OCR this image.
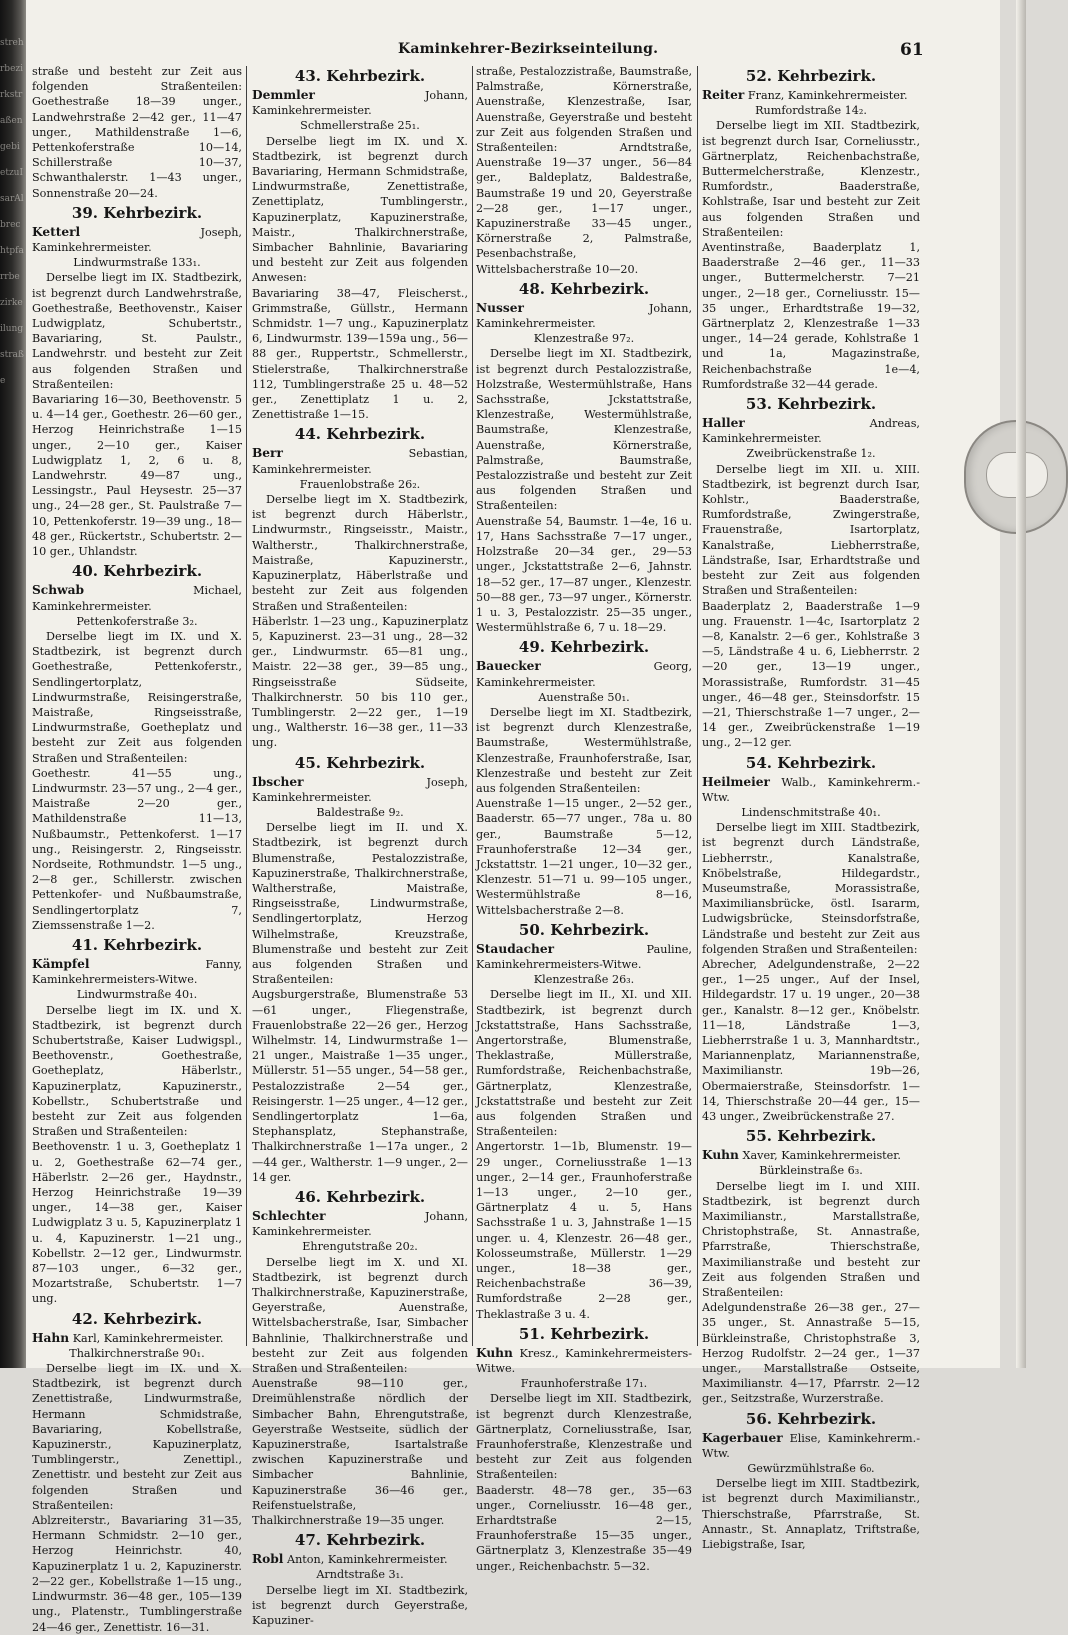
strehrbezirkstraßengebietzuIsarAlbrechtpfarrbezirkeilungstraße
Kaminkehrer-Bezirkseinteilung.	61

straße und besteht zur Zeit aus folgenden Straßenteilen: Goethestraße 18—39 unger., Landwehrstraße 2—42 ger., 11—47 unger., Mathildenstraße 1—6, Pettenkoferstraße 10—14, Schillerstraße 10—37, Schwanthalerstr. 1—43 unger., Sonnenstraße 20—24.

39. Kehrbezirk.

Ketterl	Joseph, Kaminkehrermeister.

Lindwurmstraße 133₁.

Derselbe liegt im IX. Stadtbezirk, ist begrenzt durch Landwehrstraße, Goethestraße, Beethovenstr., Kaiser Ludwigplatz, Schubertstr., Bavariaring, St. Paulstr., Landwehrstr. und besteht zur Zeit aus folgenden Straßen und Straßenteilen:

Bavariaring 16—30, Beethovenstr. 5 u. 4—14 ger., Goethestr. 26—60 ger., Herzog Heinrichstraße 1—15 unger., 2—10 ger., Kaiser Ludwigplatz 1, 2, 6 u. 8, Landwehrstr. 49—87 ung., Lessingstr., Paul Heysestr. 25—37 ung., 24—28 ger., St. Paulstraße 7—10, Pettenkoferstr. 19—39 ung., 18—48 ger., Rückertstr., Schubertstr. 2—10 ger., Uhlandstr.

40. Kehrbezirk.

Schwab	Michael, Kaminkehrermeister.

Pettenkoferstraße 3₂.

Derselbe liegt im IX. und X. Stadtbezirk, ist begrenzt durch Goethestraße, Pettenkoferstr., Sendlingertorplatz, Lindwurmstraße, Reisingerstraße, Maistraße, Ringseisstraße, Lindwurmstraße, Goetheplatz und besteht zur Zeit aus folgenden Straßen und Straßenteilen:

Goethestr. 41—55 ung., Lindwurmstr. 23—57 ung., 2—4 ger., Maistraße 2—20 ger., Mathildenstraße 11—13, Nußbaumstr., Pettenkoferst. 1—17 ung., Reisingerstr. 2, Ringseisstr. Nordseite, Rothmundstr. 1—5 ung., 2—8 ger., Schillerstr. zwischen Pettenkofer- und Nußbaumstraße, Sendlingertorplatz 7, Ziemssenstraße 1—2.

41. Kehrbezirk.

Kämpfel	Fanny, Kaminkehrermeisters-Witwe.

Lindwurmstraße 40₁.

Derselbe liegt im IX. und X. Stadtbezirk, ist begrenzt durch Schubertstraße, Kaiser Ludwigspl., Beethovenstr., Goethestraße, Goetheplatz, Häberlstr., Kapuzinerplatz, Kapuzinerstr., Kobellstr., Schubertstraße und besteht zur Zeit aus folgenden Straßen und Straßenteilen:

Beethovenstr. 1 u. 3, Goetheplatz 1 u. 2, Goethestraße 62—74 ger., Häberlstr. 2—26 ger., Haydnstr., Herzog Heinrichstraße 19—39 unger., 14—38 ger., Kaiser Ludwigplatz 3 u. 5, Kapuzinerplatz 1 u. 4, Kapuzinerstr. 1—21 ung., Kobellstr. 2—12 ger., Lindwurmstr. 87—103 unger., 6—32 ger., Mozartstraße, Schubertstr. 1—7 ung.

42. Kehrbezirk.

Hahn Karl, Kaminkehrermeister.

Thalkirchnerstraße 90₁.

Derselbe liegt im IX. und X. Stadtbezirk, ist begrenzt durch Zenettistraße, Lindwurmstraße, Hermann Schmidstraße, Bavariaring, Kobellstraße, Kapuzinerstr., Kapuzinerplatz, Tumblingerstr., Zenettipl., Zenettistr. und besteht zur Zeit aus folgenden Straßen und Straßenteilen:

Ablzreiterstr., Bavariaring 31—35, Hermann Schmidstr. 2—10 ger., Herzog Heinrichstr. 40, Kapuzinerplatz 1 u. 2, Kapuzinerstr. 2—22 ger., Kobellstraße 1—15 ung., Lindwurmstr. 36—48 ger., 105—139 ung., Platenstr., Tumblingerstraße 24—46 ger., Zenettistr. 16—31.

43. Kehrbezirk.

Demmler	Johann, Kaminkehrermeister.

Schmellerstraße 25₁.

Derselbe liegt im IX. und X. Stadtbezirk, ist begrenzt durch Bavariaring, Hermann Schmidstraße, Lindwurmstraße, Zenettistraße, Zenettiplatz, Tumblingerstr., Kapuzinerplatz, Kapuzinerstraße, Maistr., Thalkirchnerstraße, Simbacher Bahnlinie, Bavariaring und besteht zur Zeit aus folgenden Anwesen:

Bavariaring 38—47, Fleischerst., Grimmstraße, Güllstr., Hermann Schmidstr. 1—7 ung., Kapuzinerplatz 6, Lindwurmstr. 139—159a ung., 56—88 ger., Ruppertstr., Schmellerstr., Stielerstraße, Thalkirchnerstraße 112, Tumblingerstraße 25 u. 48—52 ger., Zenettiplatz 1 u. 2, Zenettistraße 1—15.

44. Kehrbezirk.

Berr	Sebastian, Kaminkehrermeister.

Frauenlobstraße 26₂.

Derselbe liegt im X. Stadtbezirk, ist begrenzt durch Häberlstr., Lindwurmstr., Ringseisstr., Maistr., Waltherstr., Thalkirchnerstraße, Maistraße, Kapuzinerstr., Kapuzinerplatz, Häberlstraße und besteht zur Zeit aus folgenden Straßen und Straßenteilen:

Häberlstr. 1—23 ung., Kapuzinerplatz 5, Kapuzinerst. 23—31 ung., 28—32 ger., Lindwurmstr. 65—81 ung., Maistr. 22—38 ger., 39—85 ung., Ringseisstraße Südseite, Thalkirchnerstr. 50 bis 110 ger., Tumblingerstr. 2—22 ger., 1—19 ung., Waltherstr. 16—38 ger., 11—33 ung.

45. Kehrbezirk.

Ibscher	Joseph, Kaminkehrermeister.

Baldestraße 9₂.

Derselbe liegt im II. und X. Stadtbezirk, ist begrenzt durch Blumenstraße, Pestalozzistraße, Kapuzinerstraße, Thalkirchnerstraße, Waltherstraße, Maistraße, Ringseisstraße, Lindwurmstraße, Sendlingertorplatz, Herzog Wilhelmstraße, Kreuzstraße, Blumenstraße und besteht zur Zeit aus folgenden Straßen und Straßenteilen:

Augsburgerstraße, Blumenstraße 53—61 unger., Fliegenstraße, Frauenlobstraße 22—26 ger., Herzog Wilhelmstr. 14, Lindwurmstraße 1—21 unger., Maistraße 1—35 unger., Müllerstr. 51—55 unger., 54—58 ger., Pestalozzistraße 2—54 ger., Reisingerstr. 1—25 unger., 4—12 ger., Sendlingertorplatz 1—6a, Stephansplatz, Stephanstraße, Thalkirchnerstraße 1—17a unger., 2—44 ger., Waltherstr. 1—9 unger., 2—14 ger.

46. Kehrbezirk.

Schlechter	Johann, Kaminkehrermeister.

Ehrengutstraße 20₂.

Derselbe liegt im X. und XI. Stadtbezirk, ist begrenzt durch Thalkirchnerstraße, Kapuzinerstraße, Geyerstraße, Auenstraße, Wittelsbacherstraße, Isar, Simbacher Bahnlinie, Thalkirchnerstraße und besteht zur Zeit aus folgenden Straßen und Straßenteilen:

Auenstraße 98—110 ger., Dreimühlenstraße nördlich der Simbacher Bahn, Ehrengutstraße, Geyerstraße Westseite, südlich der Kapuzinerstraße, Isartalstraße zwischen Kapuzinerstraße und Simbacher Bahnlinie, Kapuzinerstraße 36—46 ger., Reifenstuelstraße, Thalkirchnerstraße 19—35 unger.

47. Kehrbezirk.

Robl Anton, Kaminkehrermeister.

Arndtstraße 3₁.

Derselbe liegt im XI. Stadtbezirk, ist begrenzt durch Geyerstraße, Kapuziner-

straße, Pestalozzistraße, Baumstraße, Palmstraße, Körnerstraße, Auenstraße, Klenzestraße, Isar, Auenstraße, Geyerstraße und besteht zur Zeit aus folgenden Straßen und Straßenteilen: Arndtstraße, Auenstraße 19—37 unger., 56—84 ger., Baldeplatz, Baldestraße, Baumstraße 19 und 20, Geyerstraße 2—28 ger., 1—17 unger., Kapuzinerstraße 33—45 unger., Körnerstraße 2, Palmstraße, Pesenbachstraße, Wittelsbacherstraße 10—20.

48. Kehrbezirk.

Nusser	Johann, Kaminkehrermeister.

Klenzestraße 97₂.

Derselbe liegt im XI. Stadtbezirk, ist begrenzt durch Pestalozzistraße, Holzstraße, Westermühlstraße, Hans Sachsstraße, Jckstattstraße, Klenzestraße, Westermühlstraße, Baumstraße, Klenzestraße, Auenstraße, Körnerstraße, Palmstraße, Baumstraße, Pestalozzistraße und besteht zur Zeit aus folgenden Straßen und Straßenteilen:

Auenstraße 54, Baumstr. 1—4e, 16 u. 17, Hans Sachsstraße 7—17 unger., Holzstraße 20—34 ger., 29—53 unger., Jckstattstraße 2—6, Jahnstr. 18—52 ger., 17—87 unger., Klenzestr. 50—88 ger., 73—97 unger., Körnerstr. 1 u. 3, Pestalozzistr. 25—35 unger., Westermühlstraße 6, 7 u. 18—29.

49. Kehrbezirk.

Bauecker	Georg, Kaminkehrermeister.

Auenstraße 50₁.

Derselbe liegt im XI. Stadtbezirk, ist begrenzt durch Klenzestraße, Baumstraße, Westermühlstraße, Klenzestraße, Fraunhoferstraße, Isar, Klenzestraße und besteht zur Zeit aus folgenden Straßenteilen:

Auenstraße 1—15 unger., 2—52 ger., Baaderstr. 65—77 unger., 78a u. 80 ger., Baumstraße 5—12, Fraunhoferstraße 12—34 ger., Jckstattstr. 1—21 unger., 10—32 ger., Klenzestr. 51—71 u. 99—105 unger., Westermühlstraße 8—16, Wittelsbacherstraße 2—8.

50. Kehrbezirk.

Staudacher	Pauline, Kaminkehrermeisters-Witwe.

Klenzestraße 26₃.

Derselbe liegt im II., XI. und XII. Stadtbezirk, ist begrenzt durch Jckstattstraße, Hans Sachsstraße, Angertorstraße, Blumenstraße, Theklastraße, Müllerstraße, Rumfordstraße, Reichenbachstraße, Gärtnerplatz, Klenzestraße, Jckstattstraße und besteht zur Zeit aus folgenden Straßen und Straßenteilen:

Angertorstr. 1—1b, Blumenstr. 19—29 unger., Corneliusstraße 1—13 unger., 2—14 ger., Fraunhoferstraße 1—13 unger., 2—10 ger., Gärtnerplatz 4 u. 5, Hans Sachsstraße 1 u. 3, Jahnstraße 1—15 unger. u. 4, Klenzestr. 26—48 ger., Kolosseumstraße, Müllerstr. 1—29 unger., 18—38 ger., Reichenbachstraße 36—39, Rumfordstraße 2—28 ger., Theklastraße 3 u. 4.

51. Kehrbezirk.

Kuhn Kresz., Kaminkehrermeisters-Witwe.

Fraunhoferstraße 17₁.

Derselbe liegt im XII. Stadtbezirk, ist begrenzt durch Klenzestraße, Gärtnerplatz, Corneliusstraße, Isar, Fraunhoferstraße, Klenzestraße und besteht zur Zeit aus folgenden Straßenteilen:

Baaderstr. 48—78 ger., 35—63 unger., Corneliusstr. 16—48 ger., Erhardtstraße 2—15, Fraunhoferstraße 15—35 unger., Gärtnerplatz 3, Klenzestraße 35—49 unger., Reichenbachstr. 5—32.

52. Kehrbezirk.

Reiter Franz, Kaminkehrermeister.

Rumfordstraße 14₂.

Derselbe liegt im XII. Stadtbezirk, ist begrenzt durch Isar, Corneliusstr., Gärtnerplatz, Reichenbachstraße, Buttermelcherstraße, Klenzestr., Rumfordstr., Baaderstraße, Kohlstraße, Isar und besteht zur Zeit aus folgenden Straßen und Straßenteilen:

Aventinstraße, Baaderplatz 1, Baaderstraße 2—46 ger., 11—33 unger., Buttermelcherstr. 7—21 unger., 2—18 ger., Corneliusstr. 15—35 unger., Erhardtstraße 19—32, Gärtnerplatz 2, Klenzestraße 1—33 unger., 14—24 gerade, Kohlstraße 1 und 1a, Magazinstraße, Reichenbachstraße 1e—4, Rumfordstraße 32—44 gerade.

53. Kehrbezirk.

Haller	Andreas, Kaminkehrermeister.

Zweibrückenstraße 1₂.

Derselbe liegt im XII. u. XIII. Stadtbezirk, ist begrenzt durch Isar, Kohlstr., Baaderstraße, Rumfordstraße, Zwingerstraße, Frauenstraße, Isartorplatz, Kanalstraße, Liebherrstraße, Ländstraße, Isar, Erhardtstraße und besteht zur Zeit aus folgenden Straßen und Straßenteilen:

Baaderplatz 2, Baaderstraße 1—9 ung. Frauenstr. 1—4c, Isartorplatz 2—8, Kanalstr. 2—6 ger., Kohlstraße 3—5, Ländstraße 4 u. 6, Liebherrstr. 2—20 ger., 13—19 unger., Morassistraße, Rumfordstr. 31—45 unger., 46—48 ger., Steinsdorfstr. 15—21, Thierschstraße 1—7 unger., 2—14 ger., Zweibrückenstraße 1—19 ung., 2—12 ger.

54. Kehrbezirk.

Heilmeier Walb., Kaminkehrerm.-Wtw.

Lindenschmitstraße 40₁.

Derselbe liegt im XIII. Stadtbezirk, ist begrenzt durch Ländstraße, Liebherrstr., Kanalstraße, Knöbelstraße, Hildegardstr., Museumstraße, Morassistraße, Maximiliansbrücke, östl. Isararm, Ludwigsbrücke, Steinsdorfstraße, Ländstraße und besteht zur Zeit aus folgenden Straßen und Straßenteilen:

Abrecher, Adelgundenstraße, 2—22 ger., 1—25 unger., Auf der Insel, Hildegardstr. 17 u. 19 unger., 20—38 ger., Kanalstr. 8—12 ger., Knöbelstr. 11—18, Ländstraße 1—3, Liebherrstraße 1 u. 3, Mannhardtstr., Mariannenplatz, Mariannenstraße, Maximilianstr. 19b—26, Obermaierstraße, Steinsdorfstr. 1—14, Thierschstraße 20—44 ger., 15—43 unger., Zweibrückenstraße 27.

55. Kehrbezirk.

Kuhn Xaver, Kaminkehrermeister.

Bürkleinstraße 6₃.

Derselbe liegt im I. und XIII. Stadtbezirk, ist begrenzt durch Maximilianstr., Marstallstraße, Christophstraße, St. Annastraße, Pfarrstraße, Thierschstraße, Maximilianstraße und besteht zur Zeit aus folgenden Straßen und Straßenteilen:

Adelgundenstraße 26—38 ger., 27—35 unger., St. Annastraße 5—15, Bürkleinstraße, Christophstraße 3, Herzog Rudolfstr. 2—24 ger., 1—37 unger., Marstallstraße Ostseite, Maximilianstr. 4—17, Pfarrstr. 2—12 ger., Seitzstraße, Wurzerstraße.

56. Kehrbezirk.

Kagerbauer Elise, Kaminkehrerm.-Wtw.

Gewürzmühlstraße 6₀.

Derselbe liegt im XIII. Stadtbezirk, ist begrenzt durch Maximilianstr., Thierschstraße, Pfarrstraße, St. Annastr., St. Annaplatz, Triftstraße, Liebigstraße, Isar,
